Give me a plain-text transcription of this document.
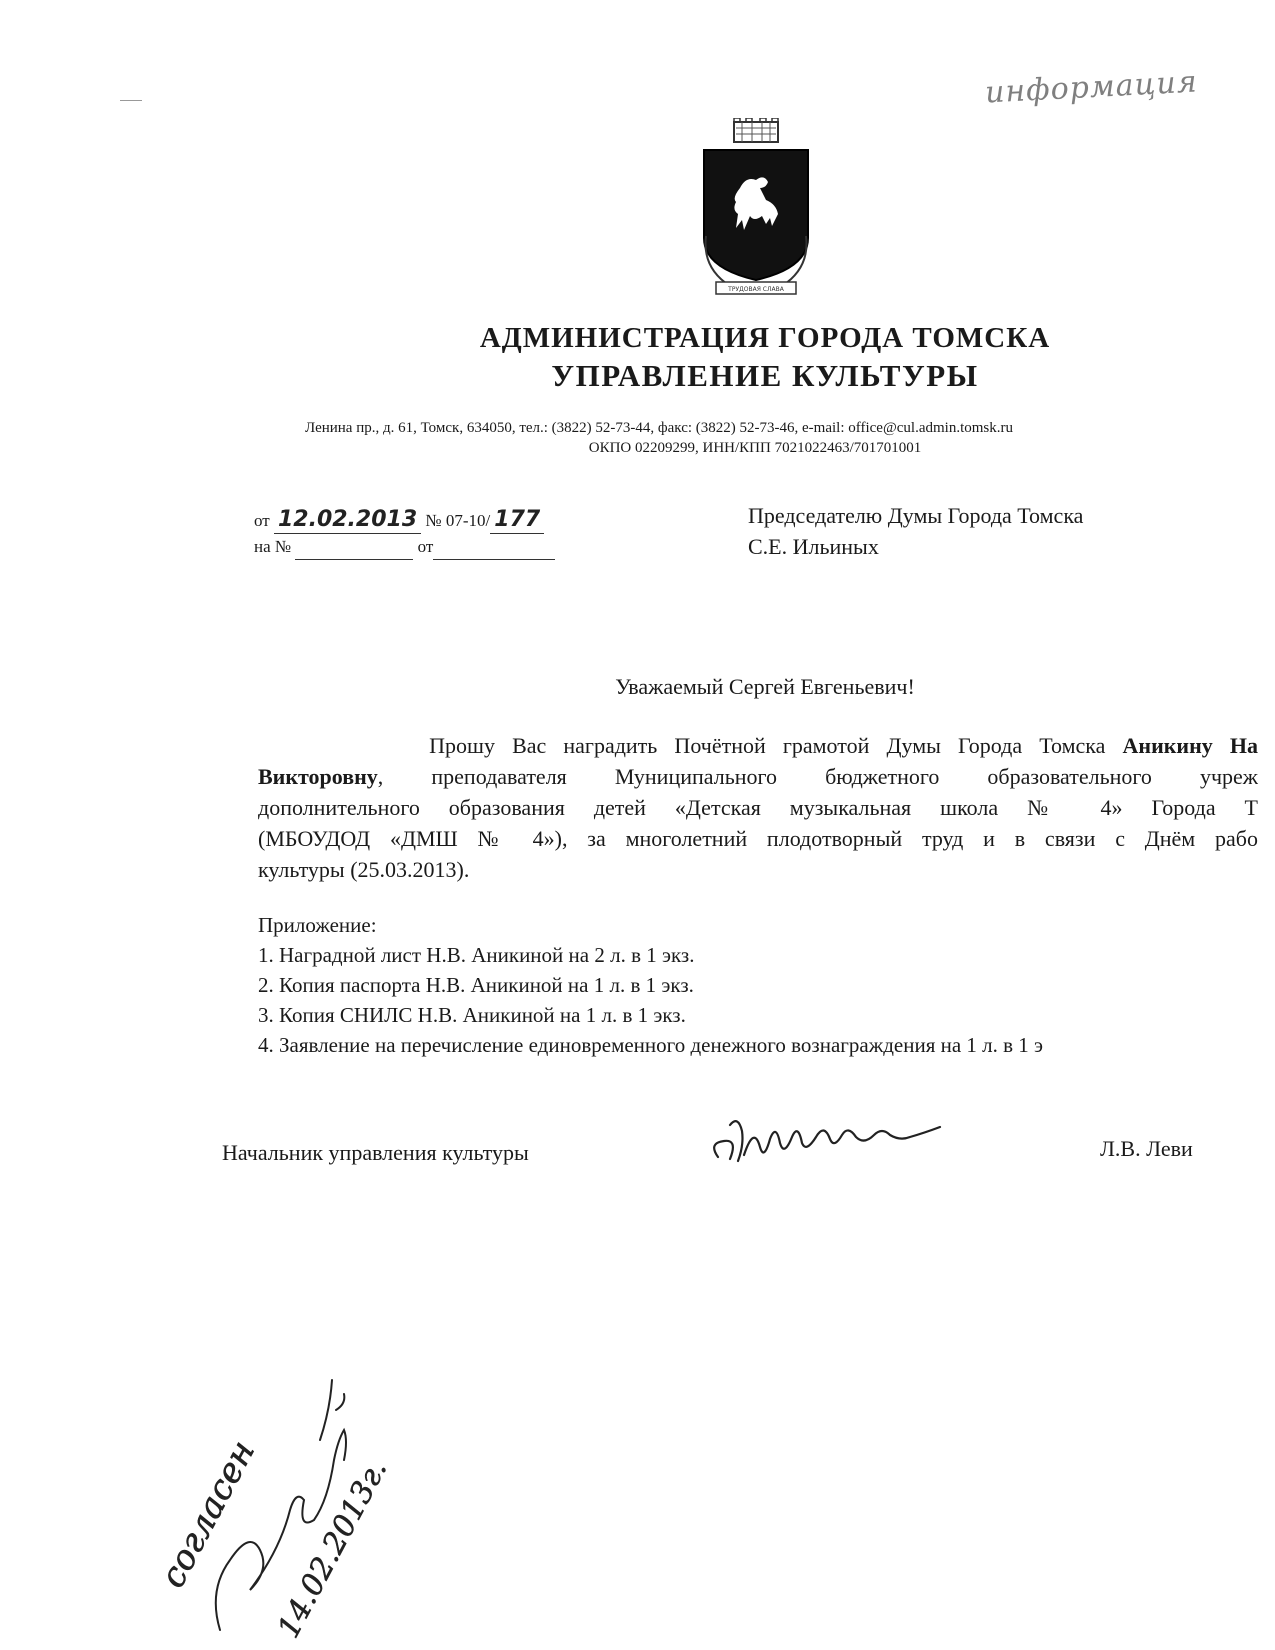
информация
ТРУДОВАЯ СЛАВА
АДМИНИСТРАЦИЯ ГОРОДА ТОМСКА
УПРАВЛЕНИЕ КУЛЬТУРЫ
Ленина пр., д. 61, Томск, 634050, тел.: (3822) 52-73-44, факс: (3822) 52-73-46, e-mail: office@cul.admin.tomsk.ru
ОКПО 02209299, ИНН/КПП 7021022463/701701001
от 12.02.2013 № 07-10/ 177
на №	от
Председателю Думы Города Томска
С.Е. Ильиных
Уважаемый Сергей Евгеньевич!
Прошу Вас наградить Почётной грамотой Думы Города Томска Аникину На
Викторовну, преподавателя Муниципального бюджетного образовательного учреж
дополнительного образования детей «Детская музыкальная школа № 4» Города Т
(МБОУДОД «ДМШ № 4»), за многолетний плодотворный труд и в связи с Днём рабо
культуры (25.03.2013).
Приложение:
1. Наградной лист Н.В. Аникиной на 2 л. в 1 экз.
2. Копия паспорта Н.В. Аникиной на 1 л. в 1 экз.
3. Копия СНИЛС Н.В. Аникиной на 1 л. в 1 экз.
4. Заявление на перечисление единовременного денежного вознаграждения на 1 л. в 1 э
Начальник управления культуры	Л.В. Леви
согласен 14.02.2013г.
